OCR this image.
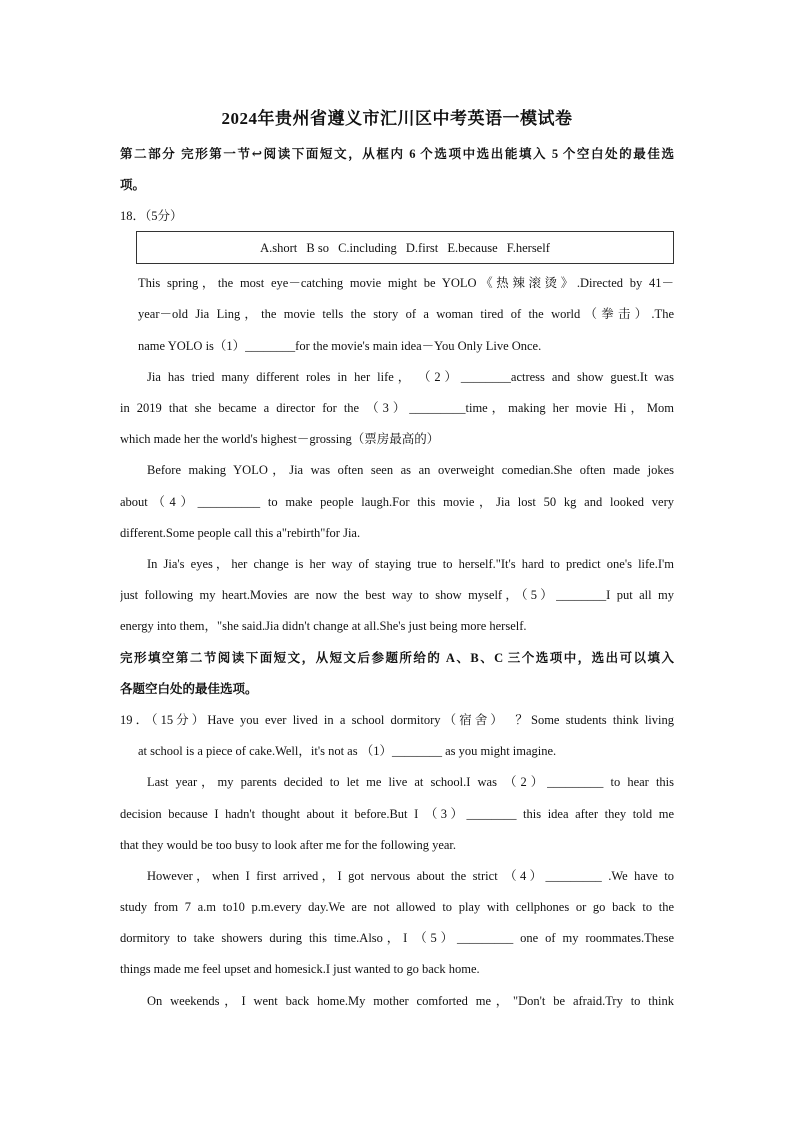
2024年贵州省遵义市汇川区中考英语一模试卷
第二部分 完形第一节↩阅读下面短文，从框内 6 个选项中选出能填入 5 个空白处的最佳选
项。
18．（5分）
A.short B so C.including D.first E.because F.herself
This spring，the most eye－catching movie might be YOLO《热辣滚烫》.Directed by 41－
year－old Jia Ling，the movie tells the story of a woman tired of the world（拳击）.The
name YOLO is（1）________for the movie's main idea－You Only Live Once.
Jia has tried many different roles in her life，　（2）________actress and show guest.It was
in 2019 that she became a director for the （3）_________time，making her movie Hi，Mom
which made her the world's highest－grossing（票房最高的）
Before making YOLO，Jia was often seen as an overweight comedian.She often made jokes
about（4）__________ to make people laugh.For this movie，Jia lost 50 kg and looked very
different.Some people call this a"rebirth"for Jia.
In Jia's eyes，her change is her way of staying true to herself."It's hard to predict one's life.I'm
just following my heart.Movies are now the best way to show myself，（5）________I put all my
energy into them，"she said.Jia didn't change at all.She's just being more herself.
完形填空第二节阅读下面短文，从短文后参题所给的 A、B、C 三个选项中，选出可以填入
各题空白处的最佳选项。
19．（15分）Have you ever lived in a school dormitory（宿舍）　？Some students think living
at school is a piece of cake.Well，it's not as （1）________ as you might imagine.
Last year，my parents decided to let me live at school.I was （2）_________ to hear this
decision because I hadn't thought about it before.But I （3）________ this idea after they told me
that they would be too busy to look after me for the following year.
However，when I first arrived，I got nervous about the strict （4）_________ .We have to
study from 7 a.m to10 p.m.every day.We are not allowed to play with cellphones or go back to the
dormitory to take showers during this time.Also，I （5）_________ one of my roommates.These
things made me feel upset and homesick.I just wanted to go back home.
On weekends，I went back home.My mother comforted me，"Don't be afraid.Try to think
